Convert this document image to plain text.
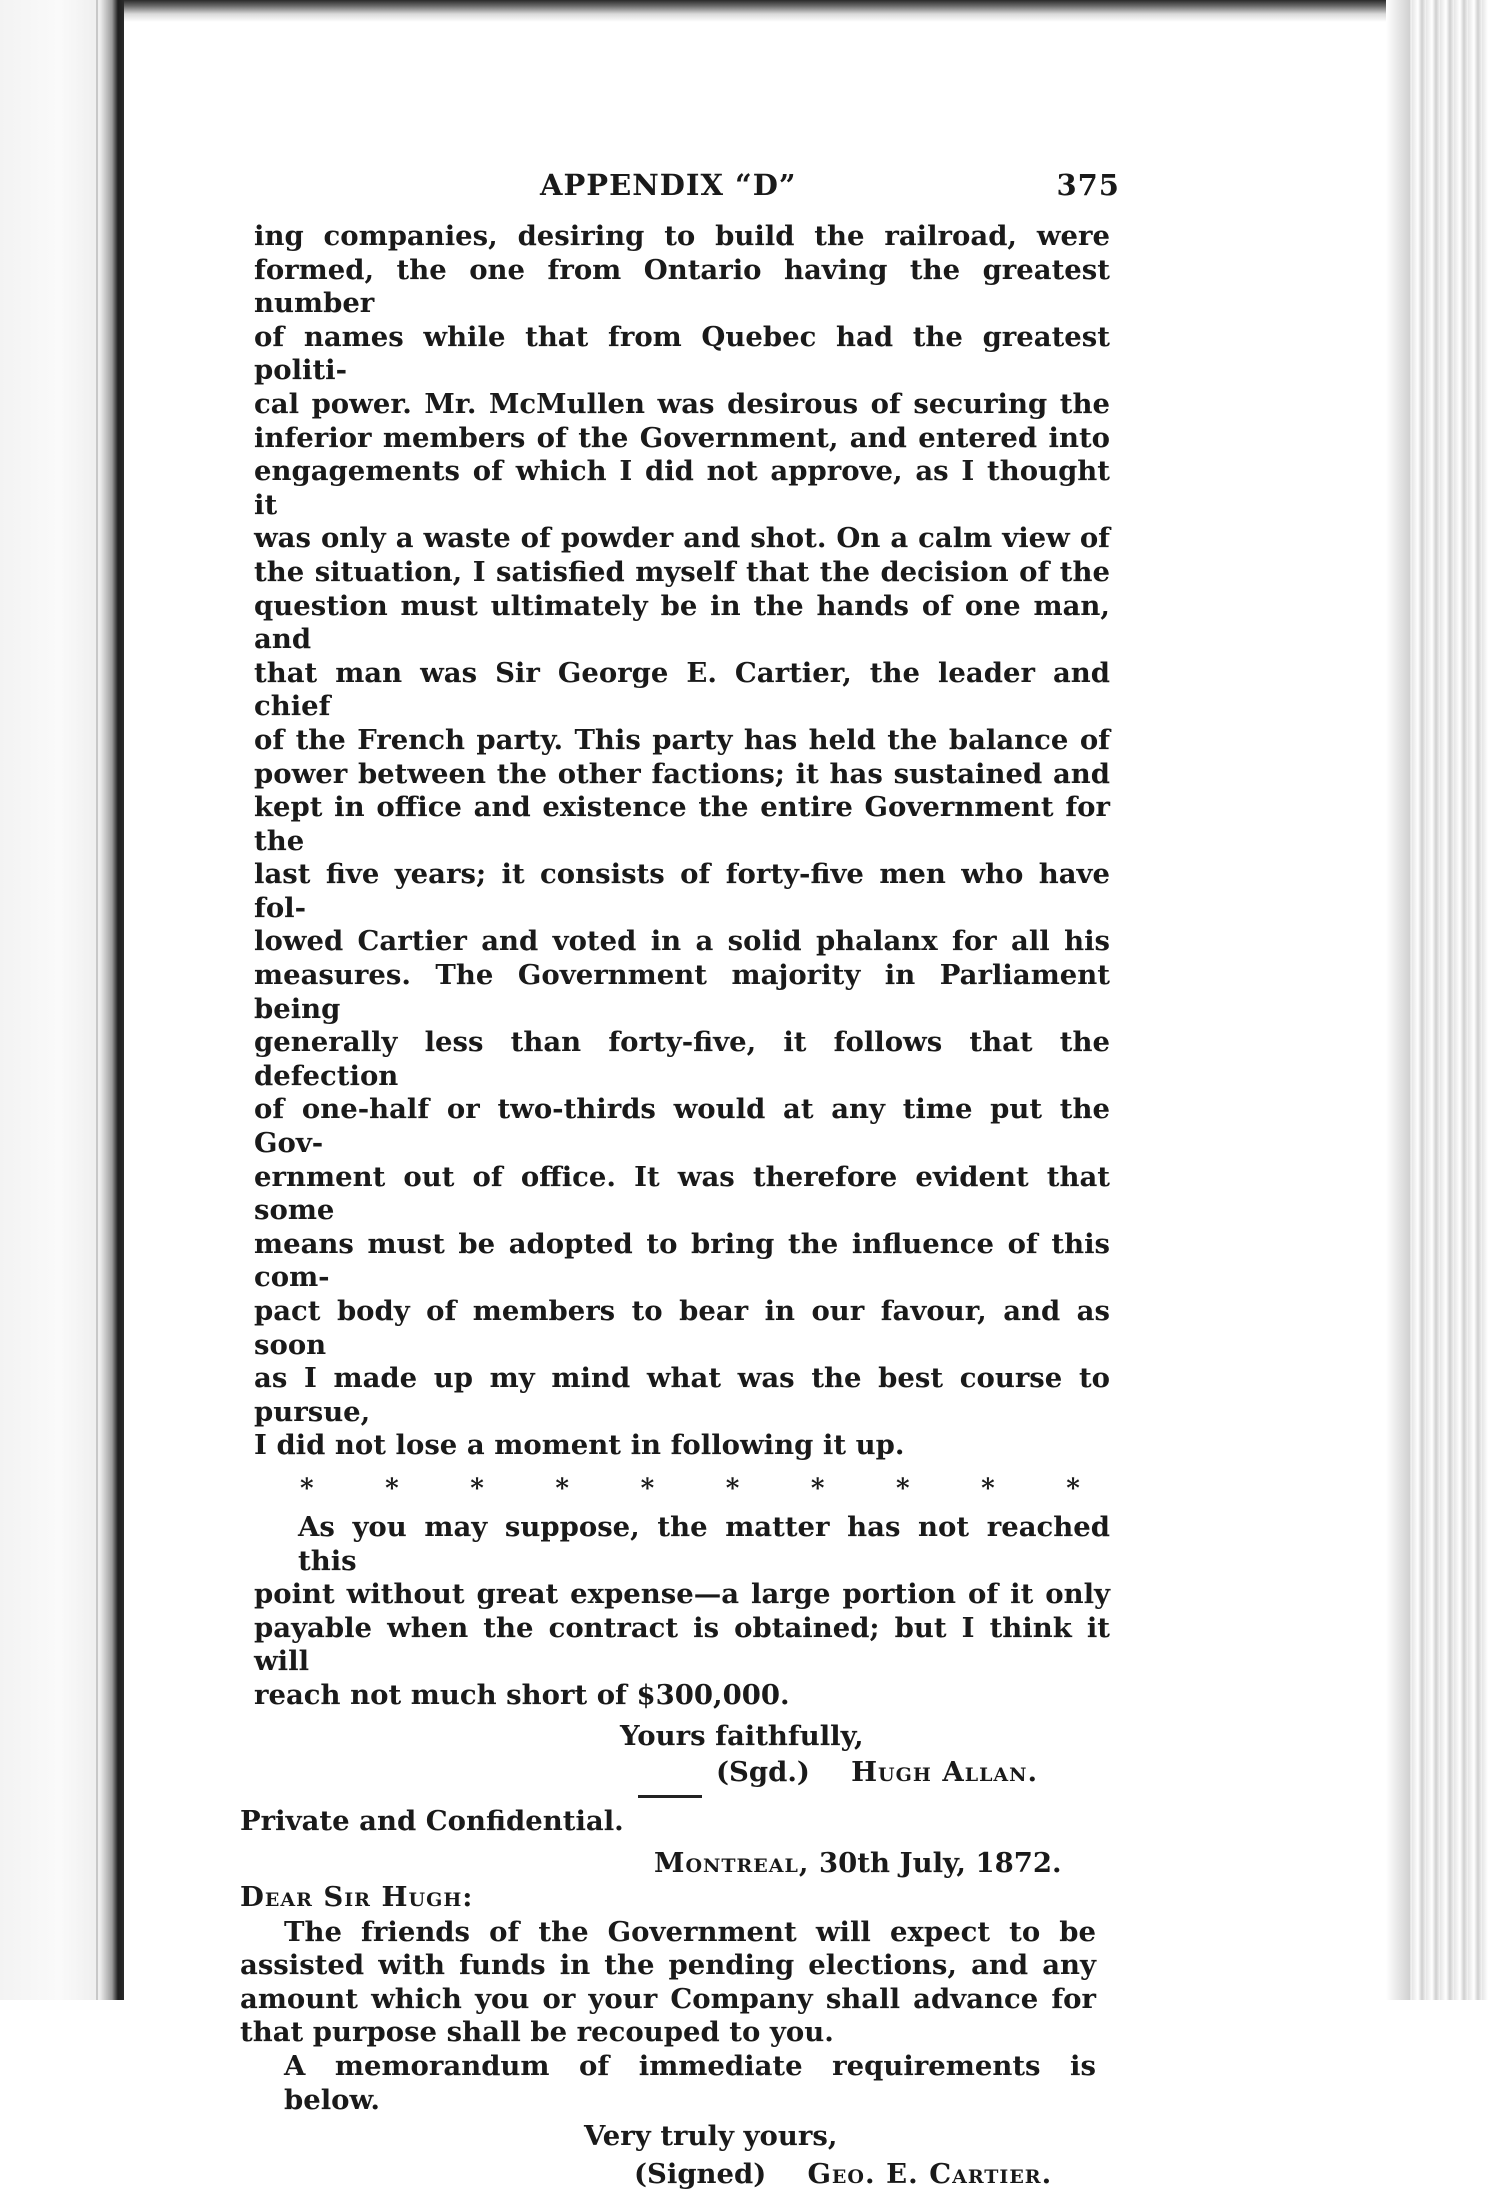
APPENDIX “D”	375
ing companies, desiring to build the railroad, were
formed, the one from Ontario having the greatest number
of names while that from Quebec had the greatest politi-
cal power. Mr. McMullen was desirous of securing the
inferior members of the Government, and entered into
engagements of which I did not approve, as I thought it
was only a waste of powder and shot. On a calm view of
the situation, I satisfied myself that the decision of the
question must ultimately be in the hands of one man, and
that man was Sir George E. Cartier, the leader and chief
of the French party. This party has held the balance of
power between the other factions; it has sustained and
kept in office and existence the entire Government for the
last five years; it consists of forty-five men who have fol-
lowed Cartier and voted in a solid phalanx for all his
measures. The Government majority in Parliament being
generally less than forty-five, it follows that the defection
of one-half or two-thirds would at any time put the Gov-
ernment out of office. It was therefore evident that some
means must be adopted to bring the influence of this com-
pact body of members to bear in our favour, and as soon
as I made up my mind what was the best course to pursue,
I did not lose a moment in following it up.
*	*	*	*	*	*	*	*	*	*
As you may suppose, the matter has not reached this
point without great expense—a large portion of it only
payable when the contract is obtained; but I think it will
reach not much short of $300,000.
Yours faithfully,
(Sgd.) Hugh Allan.
Private and Confidential.
Montreal, 30th July, 1872.
Dear Sir Hugh:
The friends of the Government will expect to be
assisted with funds in the pending elections, and any
amount which you or your Company shall advance for
that purpose shall be recouped to you.
A memorandum of immediate requirements is below.
Very truly yours,
(Signed) Geo. E. Cartier.
